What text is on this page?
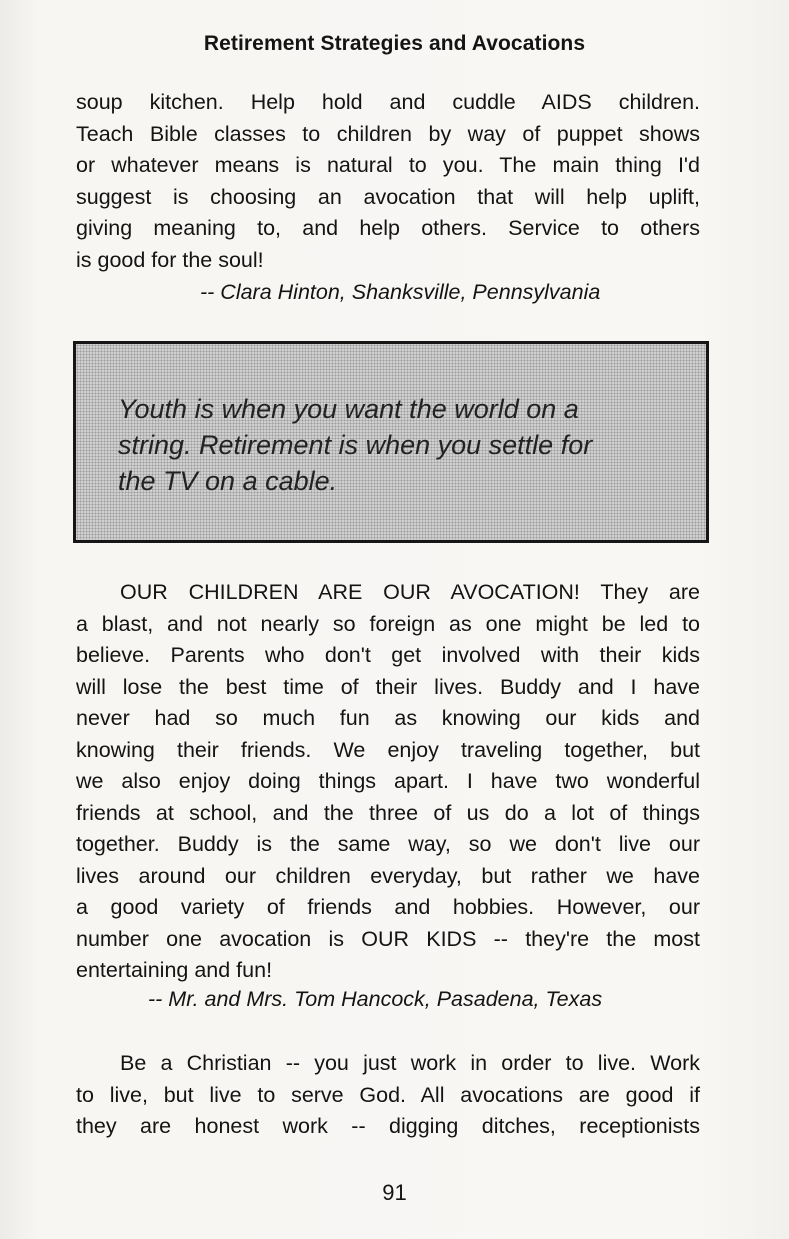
Retirement Strategies and Avocations
soup kitchen. Help hold and cuddle AIDS children.
Teach Bible classes to children by way of puppet shows
or whatever means is natural to you. The main thing I'd
suggest is choosing an avocation that will help uplift,
giving meaning to, and help others. Service to others
is good for the soul!
-- Clara Hinton, Shanksville, Pennsylvania
Youth is when you want the world on a
string. Retirement is when you settle for
the TV on a cable.
OUR CHILDREN ARE OUR AVOCATION! They are
a blast, and not nearly so foreign as one might be led to
believe. Parents who don't get involved with their kids
will lose the best time of their lives. Buddy and I have
never had so much fun as knowing our kids and
knowing their friends. We enjoy traveling together, but
we also enjoy doing things apart. I have two wonderful
friends at school, and the three of us do a lot of things
together. Buddy is the same way, so we don't live our
lives around our children everyday, but rather we have
a good variety of friends and hobbies. However, our
number one avocation is OUR KIDS -- they're the most
entertaining and fun!
-- Mr. and Mrs. Tom Hancock, Pasadena, Texas
Be a Christian -- you just work in order to live. Work
to live, but live to serve God. All avocations are good if
they are honest work -- digging ditches, receptionists
91
